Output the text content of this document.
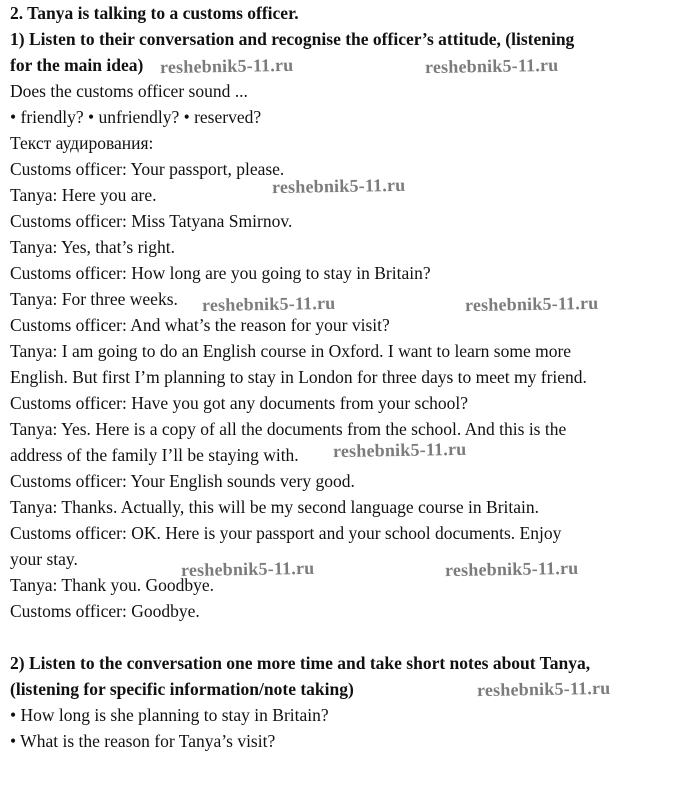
2. Tanya is talking to a customs officer.
1) Listen to their conversation and recognise the officer’s attitude, (listening
for the main idea)
Does the customs officer sound ...
• friendly? • unfriendly? • reserved?
Текст аудирования:
Customs officer: Your passport, please.
Tanya: Here you are.
Customs officer: Miss Tatyana Smirnov.
Tanya: Yes, that’s right.
Customs officer: How long are you going to stay in Britain?
Tanya: For three weeks.
Customs officer: And what’s the reason for your visit?
Tanya: I am going to do an English course in Oxford. I want to learn some more
English. But first I’m planning to stay in London for three days to meet my friend.
Customs officer: Have you got any documents from your school?
Tanya: Yes. Here is a copy of all the documents from the school. And this is the
address of the family I’ll be staying with.
Customs officer: Your English sounds very good.
Tanya: Thanks. Actually, this will be my second language course in Britain.
Customs officer: OK. Here is your passport and your school documents. Enjoy
your stay.
Tanya: Thank you. Goodbye.
Customs officer: Goodbye.
2) Listen to the conversation one more time and take short notes about Tanya,
(listening for specific information/note taking)
• How long is she planning to stay in Britain?
• What is the reason for Tanya’s visit?
reshebnik5-11.ru	reshebnik5-11.ru
reshebnik5-11.ru
reshebnik5-11.ru	reshebnik5-11.ru
reshebnik5-11.ru
reshebnik5-11.ru	reshebnik5-11.ru
reshebnik5-11.ru
